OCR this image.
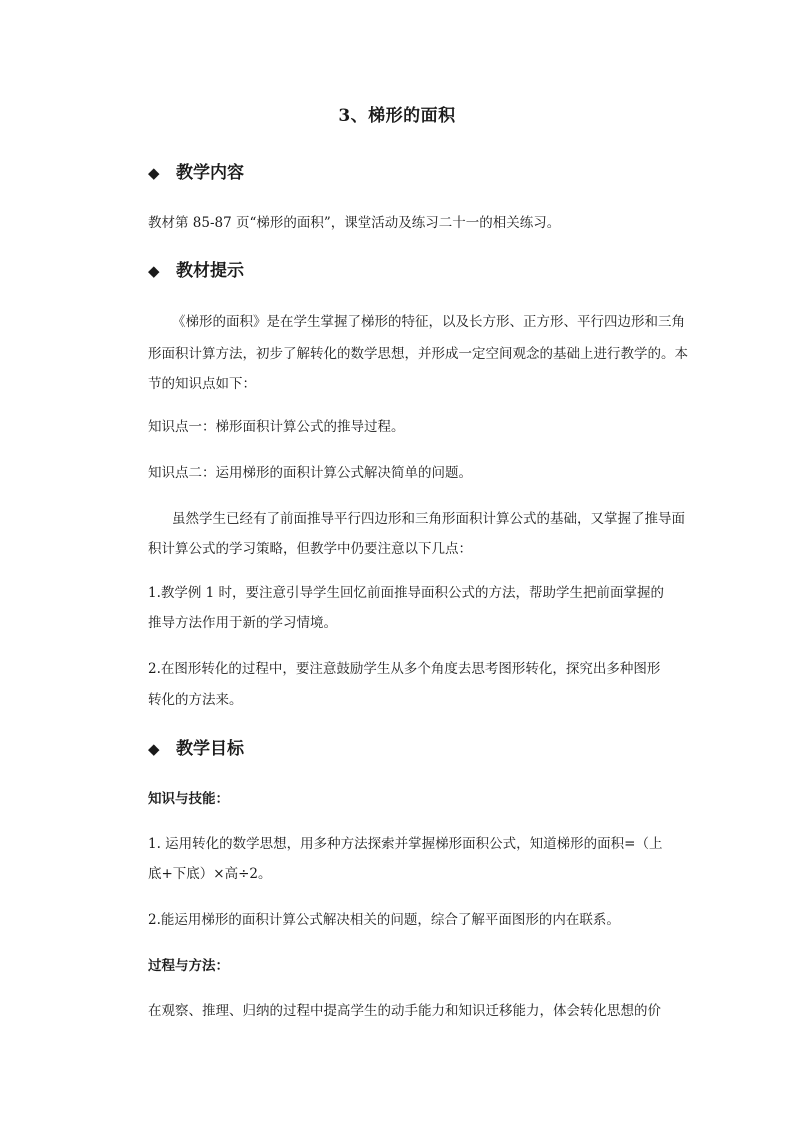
3、梯形的面积
◆ 教学内容
教材第 85-87 页“梯形的面积”，课堂活动及练习二十一的相关练习。
◆ 教材提示
《梯形的面积》是在学生掌握了梯形的特征，以及长方形、正方形、平行四边形和三角
形面积计算方法，初步了解转化的数学思想，并形成一定空间观念的基础上进行教学的。本
节的知识点如下：
知识点一：梯形面积计算公式的推导过程。
知识点二：运用梯形的面积计算公式解决简单的问题。
虽然学生已经有了前面推导平行四边形和三角形面积计算公式的基础，又掌握了推导面
积计算公式的学习策略，但教学中仍要注意以下几点：
1.教学例 1 时，要注意引导学生回忆前面推导面积公式的方法，帮助学生把前面掌握的
推导方法作用于新的学习情境。
2.在图形转化的过程中，要注意鼓励学生从多个角度去思考图形转化，探究出多种图形
转化的方法来。
◆ 教学目标
知识与技能：
1. 运用转化的数学思想，用多种方法探索并掌握梯形面积公式，知道梯形的面积=（上
底+下底）×高÷2。
2.能运用梯形的面积计算公式解决相关的问题，综合了解平面图形的内在联系。
过程与方法：
在观察、推理、归纳的过程中提高学生的动手能力和知识迁移能力，体会转化思想的价
